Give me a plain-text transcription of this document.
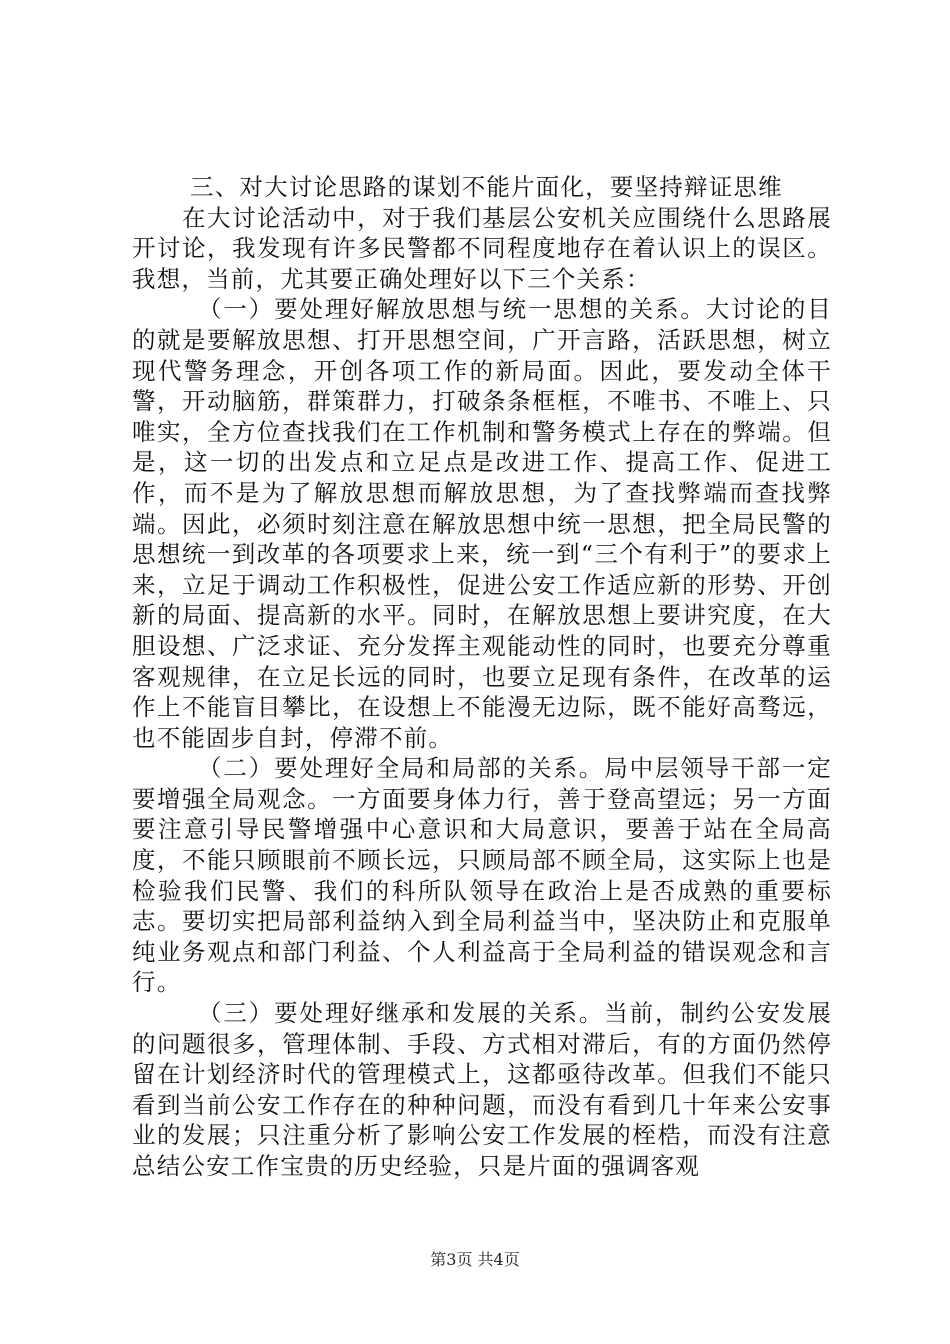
三、对大讨论思路的谋划不能片面化，要坚持辩证思维

在大讨论活动中，对于我们基层公安机关应围绕什么思路展开讨论，我发现有许多民警都不同程度地存在着认识上的误区。我想，当前，尤其要正确处理好以下三个关系：

（一）要处理好解放思想与统一思想的关系。大讨论的目的就是要解放思想、打开思想空间，广开言路，活跃思想，树立现代警务理念，开创各项工作的新局面。因此，要发动全体干警，开动脑筋，群策群力，打破条条框框，不唯书、不唯上、只唯实，全方位查找我们在工作机制和警务模式上存在的弊端。但是，这一切的出发点和立足点是改进工作、提高工作、促进工作，而不是为了解放思想而解放思想，为了查找弊端而查找弊端。因此，必须时刻注意在解放思想中统一思想，把全局民警的思想统一到改革的各项要求上来，统一到“三个有利于”的要求上来，立足于调动工作积极性，促进公安工作适应新的形势、开创新的局面、提高新的水平。同时，在解放思想上要讲究度，在大胆设想、广泛求证、充分发挥主观能动性的同时，也要充分尊重客观规律，在立足长远的同时，也要立足现有条件，在改革的运作上不能盲目攀比，在设想上不能漫无边际，既不能好高骛远，也不能固步自封，停滞不前。

（二）要处理好全局和局部的关系。局中层领导干部一定要增强全局观念。一方面要身体力行，善于登高望远；另一方面要注意引导民警增强中心意识和大局意识，要善于站在全局高度，不能只顾眼前不顾长远，只顾局部不顾全局，这实际上也是检验我们民警、我们的科所队领导在政治上是否成熟的重要标志。要切实把局部利益纳入到全局利益当中，坚决防止和克服单纯业务观点和部门利益、个人利益高于全局利益的错误观念和言行。

（三）要处理好继承和发展的关系。当前，制约公安发展的问题很多，管理体制、手段、方式相对滞后，有的方面仍然停留在计划经济时代的管理模式上，这都亟待改革。但我们不能只看到当前公安工作存在的种种问题，而没有看到几十年来公安事业的发展；只注重分析了影响公安工作发展的桎梏，而没有注意总结公安工作宝贵的历史经验，只是片面的强调客观

第3页 共4页
